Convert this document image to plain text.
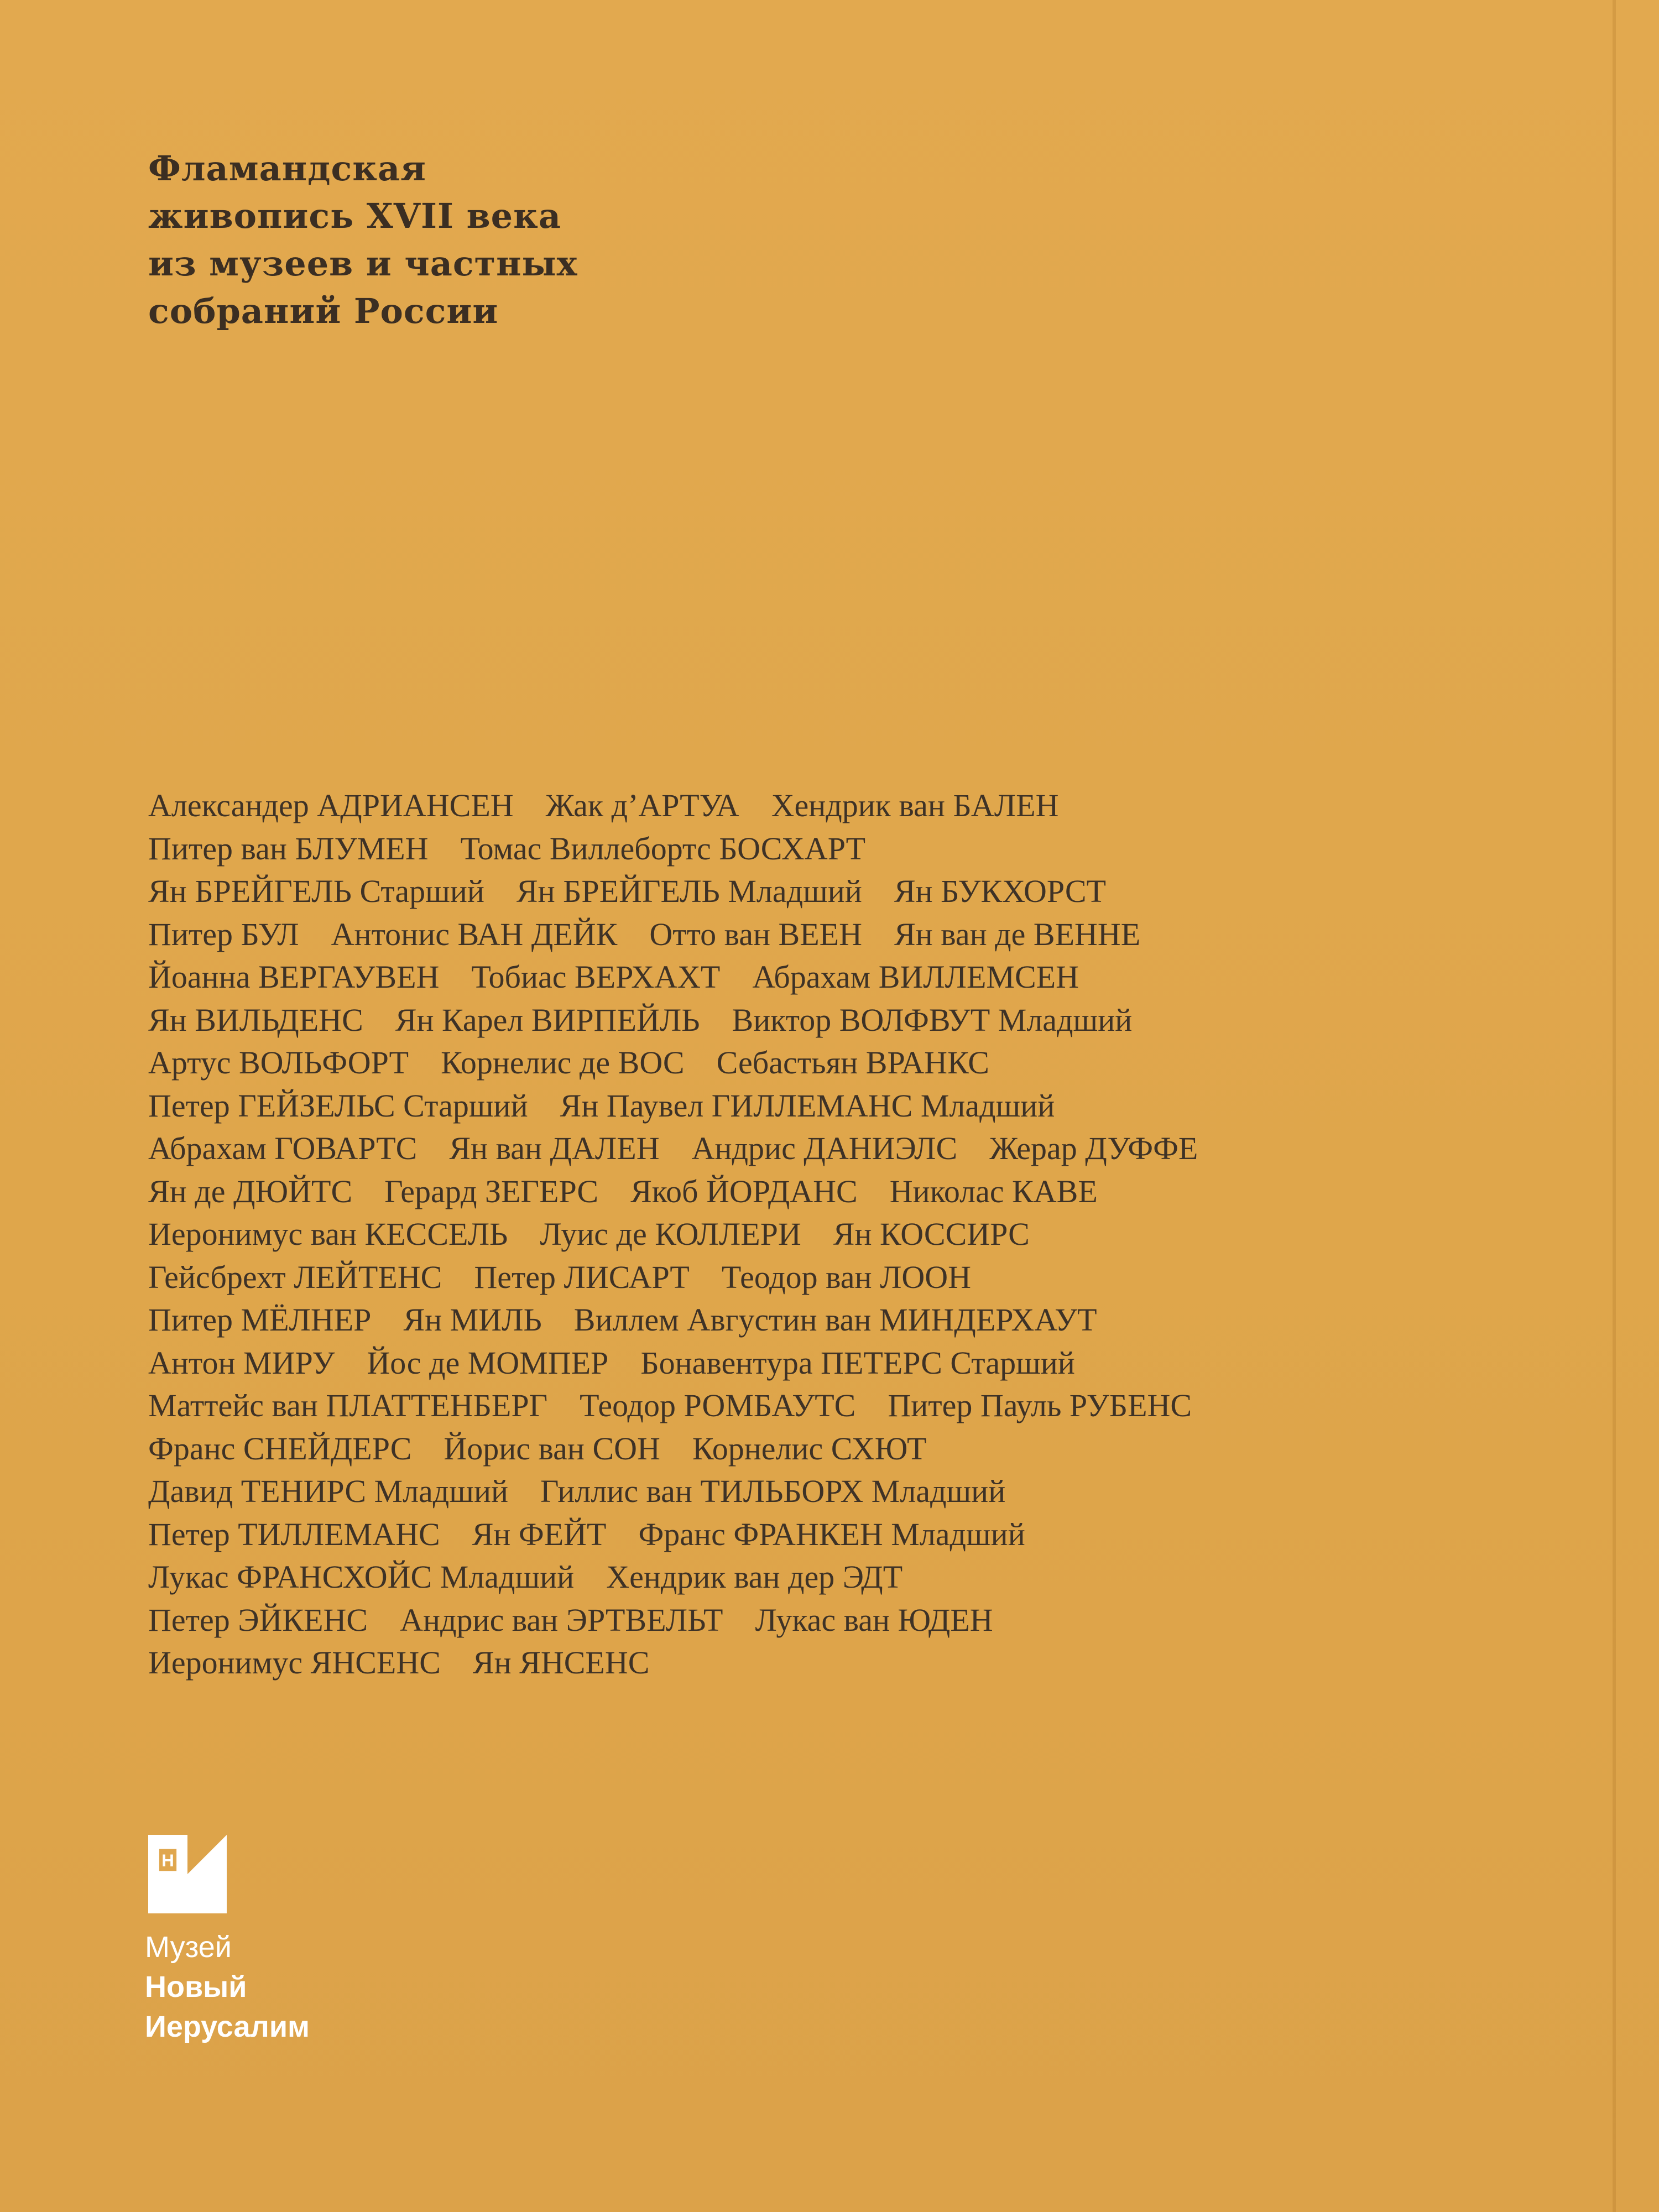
Фламандская
живопись XVII века
из музеев и частных
собраний России
Александер АДРИАНСЕН Жак д’АРТУА Хендрик ван БАЛЕН
Питер ван БЛУМЕН Томас Виллебортс БОСХАРТ
Ян БРЕЙГЕЛЬ Старший Ян БРЕЙГЕЛЬ Младший Ян БУКХОРСТ
Питер БУЛ Антонис ВАН ДЕЙК Отто ван ВЕЕН Ян ван де ВЕННЕ
Йоанна ВЕРГАУВЕН Тобиас ВЕРХАХТ Абрахам ВИЛЛЕМСЕН
Ян ВИЛЬДЕНС Ян Карел ВИРПЕЙЛЬ Виктор ВОЛФВУТ Младший
Артус ВОЛЬФОРТ Корнелис де ВОС Себастьян ВРАНКС
Петер ГЕЙЗЕЛЬС Старший Ян Паувел ГИЛЛЕМАНС Младший
Абрахам ГОВАРТС Ян ван ДАЛЕН Андрис ДАНИЭЛС Жерар ДУФФЕ
Ян де ДЮЙТС Герард ЗЕГЕРС Якоб ЙОРДАНС Николас КАВЕ
Иеронимус ван КЕССЕЛЬ Луис де КОЛЛЕРИ Ян КОССИРС
Гейсбрехт ЛЕЙТЕНС Петер ЛИСАРТ Теодор ван ЛООН
Питер МЁЛНЕР Ян МИЛЬ Виллем Августин ван МИНДЕРХАУТ
Антон МИРУ Йос де МОМПЕР Бонавентура ПЕТЕРС Старший
Маттейс ван ПЛАТТЕНБЕРГ Теодор РОМБАУТС Питер Пауль РУБЕНС
Франс СНЕЙДЕРС Йорис ван СОН Корнелис СХЮТ
Давид ТЕНИРС Младший Гиллис ван ТИЛЬБОРХ Младший
Петер ТИЛЛЕМАНС Ян ФЕЙТ Франс ФРАНКЕН Младший
Лукас ФРАНСХОЙС Младший Хендрик ван дер ЭДТ
Петер ЭЙКЕНС Андрис ван ЭРТВЕЛЬТ Лукас ван ЮДЕН
Иеронимус ЯНСЕНС Ян ЯНСЕНС
Н
Музей
Новый
Иерусалим
